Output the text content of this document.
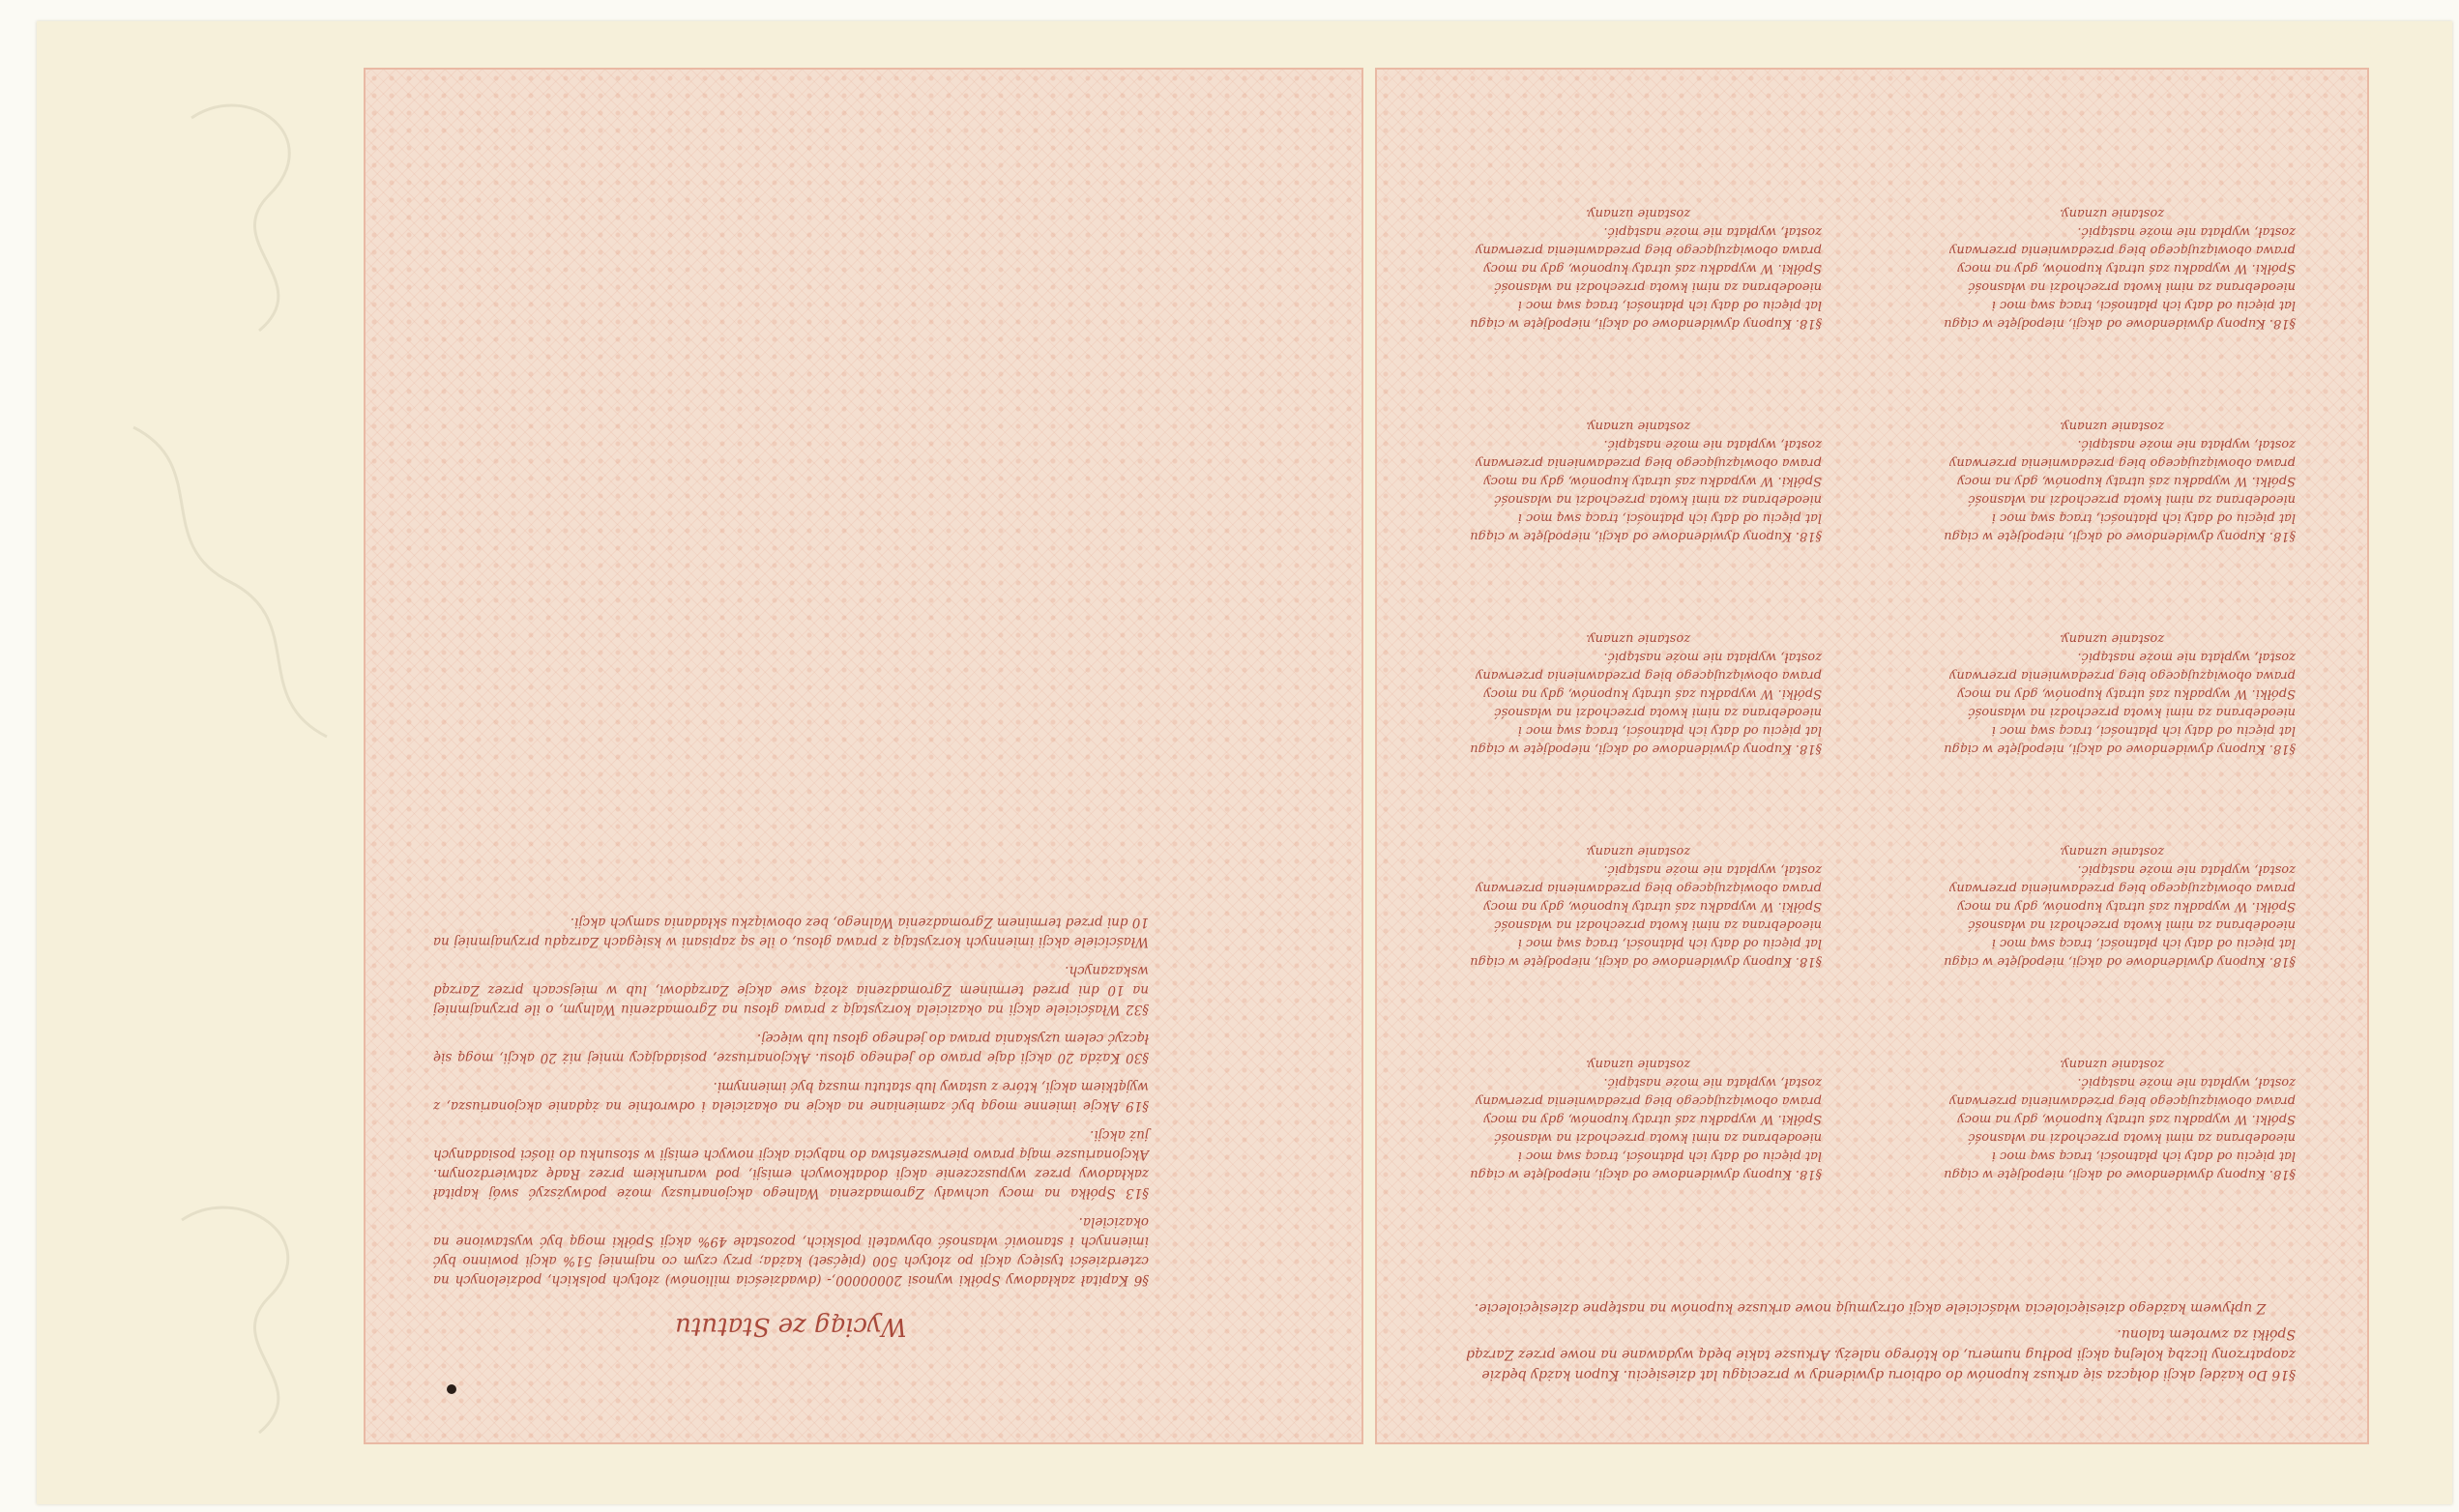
Wyciąg ze Statutu

§6 Kapitał zakładowy Spółki wynosi 20000000,- (dwadzieścia milionów) złotych polskich, podzielonych na czterdzieści tysięcy akcji po złotych 500 (pięćset) każda; przy czym co najmniej 51% akcji powinno być imiennych i stanowić własność obywateli polskich, pozostałe 49% akcji Spółki mogą być wystawione na okaziciela.

§13 Spółka na mocy uchwały Zgromadzenia Walnego akcjonariuszy może podwyższyć swój kapitał zakładowy przez wypuszczenie akcji dodatkowych emisji, pod warunkiem przez Radę zatwierdzonym. Akcjonariusze mają prawo pierwszeństwa do nabycia akcji nowych emisji w stosunku do ilości posiadanych już akcji.

§19 Akcje imienne mogą być zamieniane na akcje na okaziciela i odwrotnie na żądanie akcjonariusza, z wyjątkiem akcji, które z ustawy lub statutu muszą być imiennymi.

§30 Każda 20 akcji daje prawo do jednego głosu. Akcjonariusze, posiadający mniej niż 20 akcji, mogą się łączyć celem uzyskania prawa do jednego głosu lub więcej.

§32 Właściciele akcji na okaziciela korzystają z prawa głosu na Zgromadzeniu Walnym, o ile przynajmniej na 10 dni przed terminem Zgromadzenia złożą swe akcje Zarządowi, lub w miejscach przez Zarząd wskazanych.

Właściciele akcji imiennych korzystają z prawa głosu, o ile są zapisani w księgach Zarządu przynajmniej na 10 dni przed terminem Zgromadzenia Walnego, bez obowiązku składania samych akcji.

§16 Do każdej akcji dołącza się arkusz kuponów do odbioru dywidendy w przeciągu lat dziesięciu. Kupon każdy będzie zaopatrzony liczbą kolejną akcji podług numeru, do którego należy. Arkusze takie będą wydawane na nowe przez Zarząd Spółki za zwrotem talonu.

Z upływem każdego dziesięciolecia właściciele akcji otrzymują nowe arkusze kuponów na następne dziesięciolecie.

§18. Kupony dywidendowe od akcji, niepodjęte w ciągu lat pięciu od daty ich płatności, tracą swą moc i nieodebrana za nimi kwota przechodzi na własność Spółki. W wypadku zaś utraty kuponów, gdy na mocy prawa obowiązującego bieg przedawnienia przerwany został, wypłata nie może nastąpić.

zostanie uznany.

§18. Kupony dywidendowe od akcji, niepodjęte w ciągu lat pięciu od daty ich płatności, tracą swą moc i nieodebrana za nimi kwota przechodzi na własność Spółki. W wypadku zaś utraty kuponów, gdy na mocy prawa obowiązującego bieg przedawnienia przerwany został, wypłata nie może nastąpić.

zostanie uznany.

§18. Kupony dywidendowe od akcji, niepodjęte w ciągu lat pięciu od daty ich płatności, tracą swą moc i nieodebrana za nimi kwota przechodzi na własność Spółki. W wypadku zaś utraty kuponów, gdy na mocy prawa obowiązującego bieg przedawnienia przerwany został, wypłata nie może nastąpić.

zostanie uznany.

§18. Kupony dywidendowe od akcji, niepodjęte w ciągu lat pięciu od daty ich płatności, tracą swą moc i nieodebrana za nimi kwota przechodzi na własność Spółki. W wypadku zaś utraty kuponów, gdy na mocy prawa obowiązującego bieg przedawnienia przerwany został, wypłata nie może nastąpić.

zostanie uznany.

§18. Kupony dywidendowe od akcji, niepodjęte w ciągu lat pięciu od daty ich płatności, tracą swą moc i nieodebrana za nimi kwota przechodzi na własność Spółki. W wypadku zaś utraty kuponów, gdy na mocy prawa obowiązującego bieg przedawnienia przerwany został, wypłata nie może nastąpić.

zostanie uznany.

§18. Kupony dywidendowe od akcji, niepodjęte w ciągu lat pięciu od daty ich płatności, tracą swą moc i nieodebrana za nimi kwota przechodzi na własność Spółki. W wypadku zaś utraty kuponów, gdy na mocy prawa obowiązującego bieg przedawnienia przerwany został, wypłata nie może nastąpić.

zostanie uznany.

§18. Kupony dywidendowe od akcji, niepodjęte w ciągu lat pięciu od daty ich płatności, tracą swą moc i nieodebrana za nimi kwota przechodzi na własność Spółki. W wypadku zaś utraty kuponów, gdy na mocy prawa obowiązującego bieg przedawnienia przerwany został, wypłata nie może nastąpić.

zostanie uznany.

§18. Kupony dywidendowe od akcji, niepodjęte w ciągu lat pięciu od daty ich płatności, tracą swą moc i nieodebrana za nimi kwota przechodzi na własność Spółki. W wypadku zaś utraty kuponów, gdy na mocy prawa obowiązującego bieg przedawnienia przerwany został, wypłata nie może nastąpić.

zostanie uznany.

§18. Kupony dywidendowe od akcji, niepodjęte w ciągu lat pięciu od daty ich płatności, tracą swą moc i nieodebrana za nimi kwota przechodzi na własność Spółki. W wypadku zaś utraty kuponów, gdy na mocy prawa obowiązującego bieg przedawnienia przerwany został, wypłata nie może nastąpić.

zostanie uznany.

§18. Kupony dywidendowe od akcji, niepodjęte w ciągu lat pięciu od daty ich płatności, tracą swą moc i nieodebrana za nimi kwota przechodzi na własność Spółki. W wypadku zaś utraty kuponów, gdy na mocy prawa obowiązującego bieg przedawnienia przerwany został, wypłata nie może nastąpić.

zostanie uznany.
